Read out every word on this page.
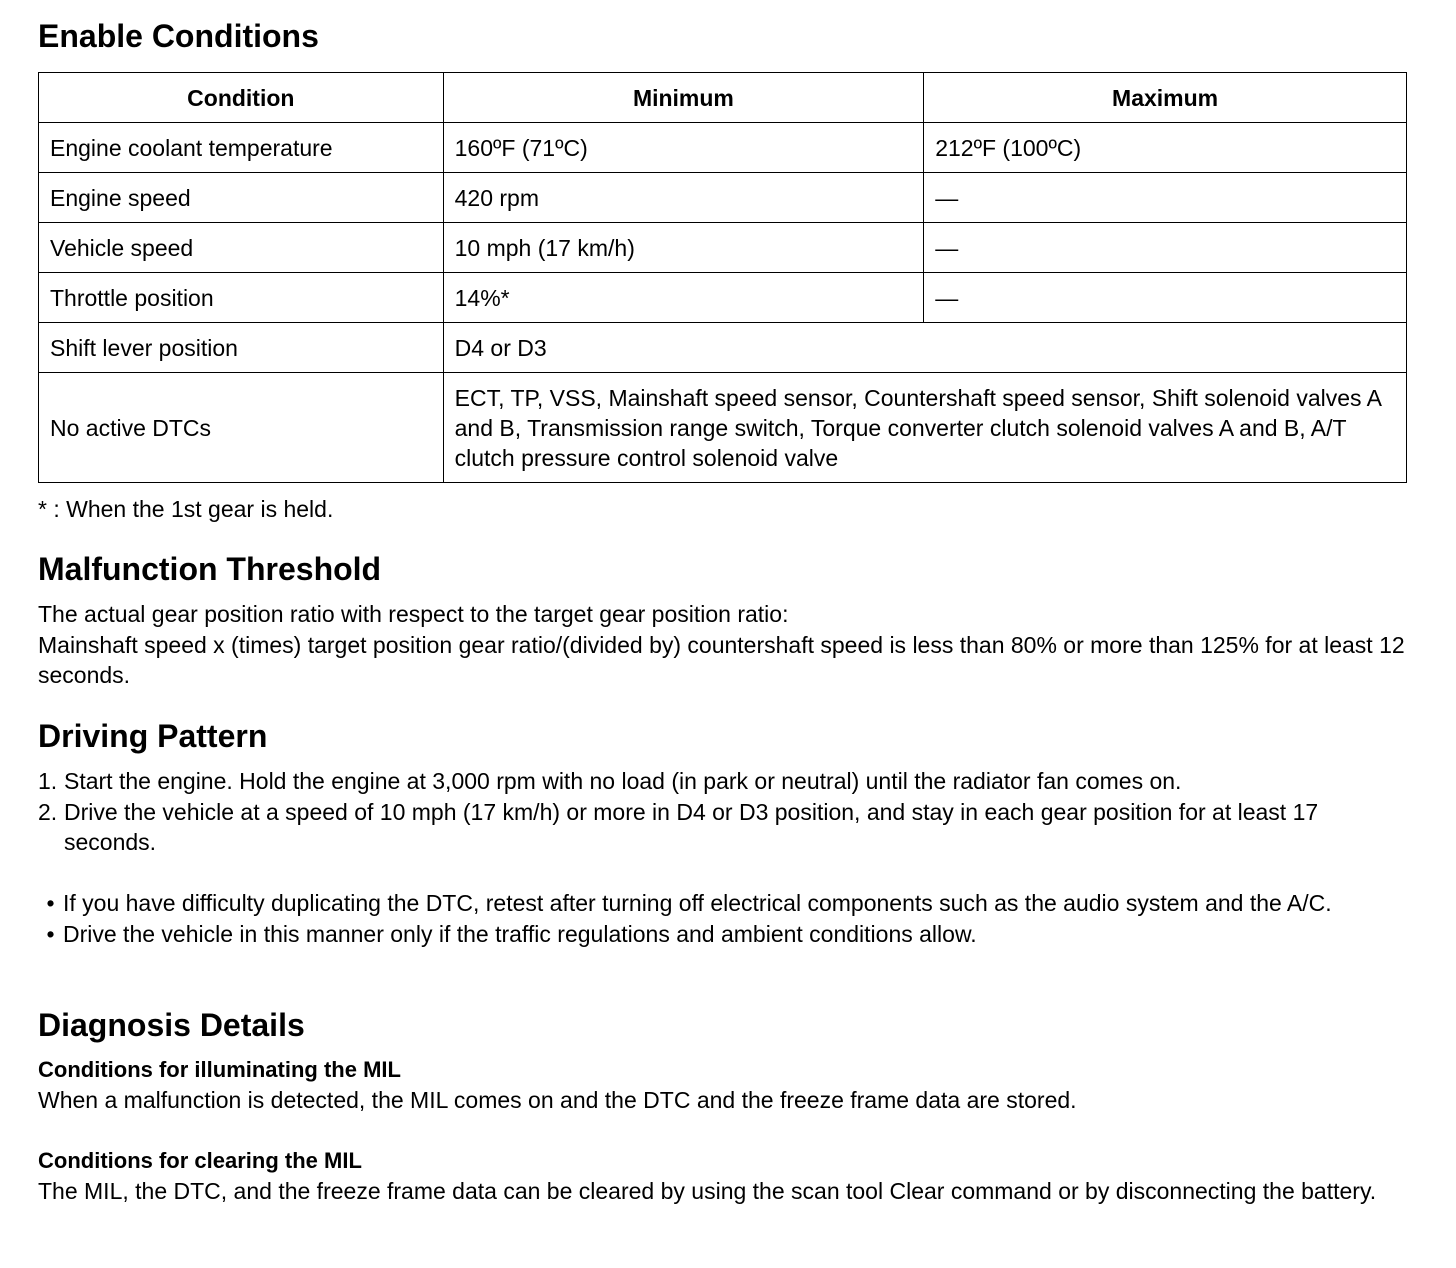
Enable Conditions
Condition	Minimum	Maximum
Engine coolant temperature	160ºF (71ºC)	212ºF (100ºC)
Engine speed	420 rpm	—
Vehicle speed	10 mph (17 km/h)	—
Throttle position	14%*	—
Shift lever position	D4 or D3	
No active DTCs	ECT, TP, VSS, Mainshaft speed sensor, Countershaft speed sensor, Shift solenoid valves A and B, Transmission range switch, Torque converter clutch solenoid valves A and B, A/T clutch pressure control solenoid valve	
* : When the 1st gear is held.
Malfunction Threshold

The actual gear position ratio with respect to the target gear position ratio:

Mainshaft speed x (times) target position gear ratio/(divided by) countershaft speed is less than 80% or more than 125% for at least 12 seconds.

Driving Pattern
1. Start the engine. Hold the engine at 3,000 rpm with no load (in park or neutral) until the radiator fan comes on.
2. Drive the vehicle at a speed of 10 mph (17 km/h) or more in D4 or D3 position, and stay in each gear position for at least 17 seconds.
• If you have difficulty duplicating the DTC, retest after turning off electrical components such as the audio system and the A/C.
• Drive the vehicle in this manner only if the traffic regulations and ambient conditions allow.
Diagnosis Details

Conditions for illuminating the MIL

When a malfunction is detected, the MIL comes on and the DTC and the freeze frame data are stored.

Conditions for clearing the MIL

The MIL, the DTC, and the freeze frame data can be cleared by using the scan tool Clear command or by disconnecting the battery.
